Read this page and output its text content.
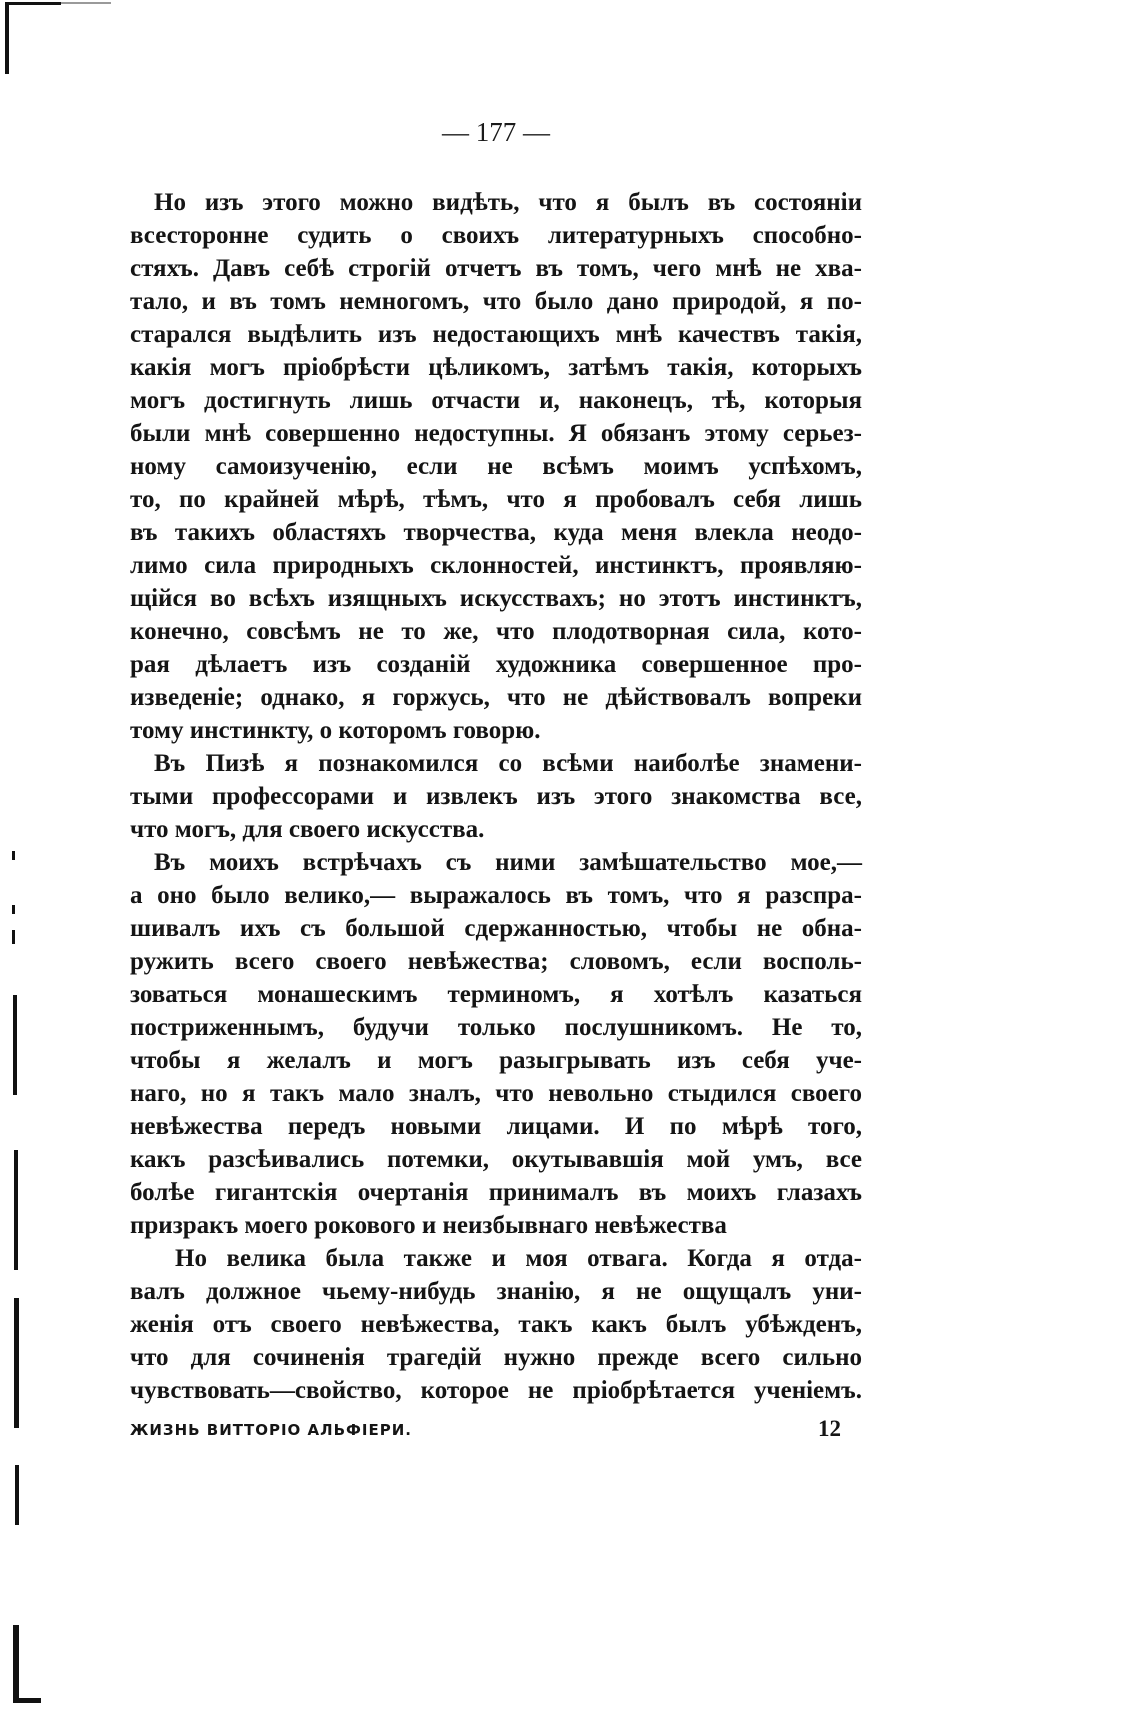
— 177 —
Но изъ этого можно видѣть, что я былъ въ состояніи
всесторонне судить о своихъ литературныхъ способно-
стяхъ. Давъ себѣ строгій отчетъ въ томъ, чего мнѣ не хва-
тало, и въ томъ немногомъ, что было дано природой, я по-
старался выдѣлить изъ недостающихъ мнѣ качествъ такія,
какія могъ пріобрѣсти цѣликомъ, затѣмъ такія, которыхъ
могъ достигнуть лишь отчасти и, наконецъ, тѣ, которыя
были мнѣ совершенно недоступны. Я обязанъ этому серьез-
ному самоизученію, если не всѣмъ моимъ успѣхомъ,
то, по крайней мѣрѣ, тѣмъ, что я пробовалъ себя лишь
въ такихъ областяхъ творчества, куда меня влекла неодо-
лимо сила природныхъ склонностей, инстинктъ, проявляю-
щійся во всѣхъ изящныхъ искусствахъ; но этотъ инстинктъ,
конечно, совсѣмъ не то же, что плодотворная сила, кото-
рая дѣлаетъ изъ созданій художника совершенное про-
изведеніе; однако, я горжусь, что не дѣйствовалъ вопреки
тому инстинкту, о которомъ говорю.
Въ Пизѣ я познакомился со всѣми наиболѣе знамени-
тыми профессорами и извлекъ изъ этого знакомства все,
что могъ, для своего искусства.
Въ моихъ встрѣчахъ съ ними замѣшательство мое,—
а оно было велико,— выражалось въ томъ, что я разспра-
шивалъ ихъ съ большой сдержанностью, чтобы не обна-
ружить всего своего невѣжества; словомъ, если восполь-
зоваться монашескимъ терминомъ, я хотѣлъ казаться
постриженнымъ, будучи только послушникомъ. Не то,
чтобы я желалъ и могъ разыгрывать изъ себя уче-
наго, но я такъ мало зналъ, что невольно стыдился своего
невѣжества передъ новыми лицами. И по мѣрѣ того,
какъ разсѣивались потемки, окутывавшія мой умъ, все
болѣе гигантскія очертанія принималъ въ моихъ глазахъ
призракъ моего рокового и неизбывнаго невѣжества
Но велика была также и моя отвага. Когда я отда-
валъ должное чьему-нибудь знанію, я не ощущалъ уни-
женія отъ своего невѣжества, такъ какъ былъ убѣжденъ,
что для сочиненія трагедій нужно прежде всего сильно
чувствовать—свойство, которое не пріобрѣтается ученіемъ.
ЖИЗНЬ ВИТТОРІО АЛЬФІЕРИ.	12
